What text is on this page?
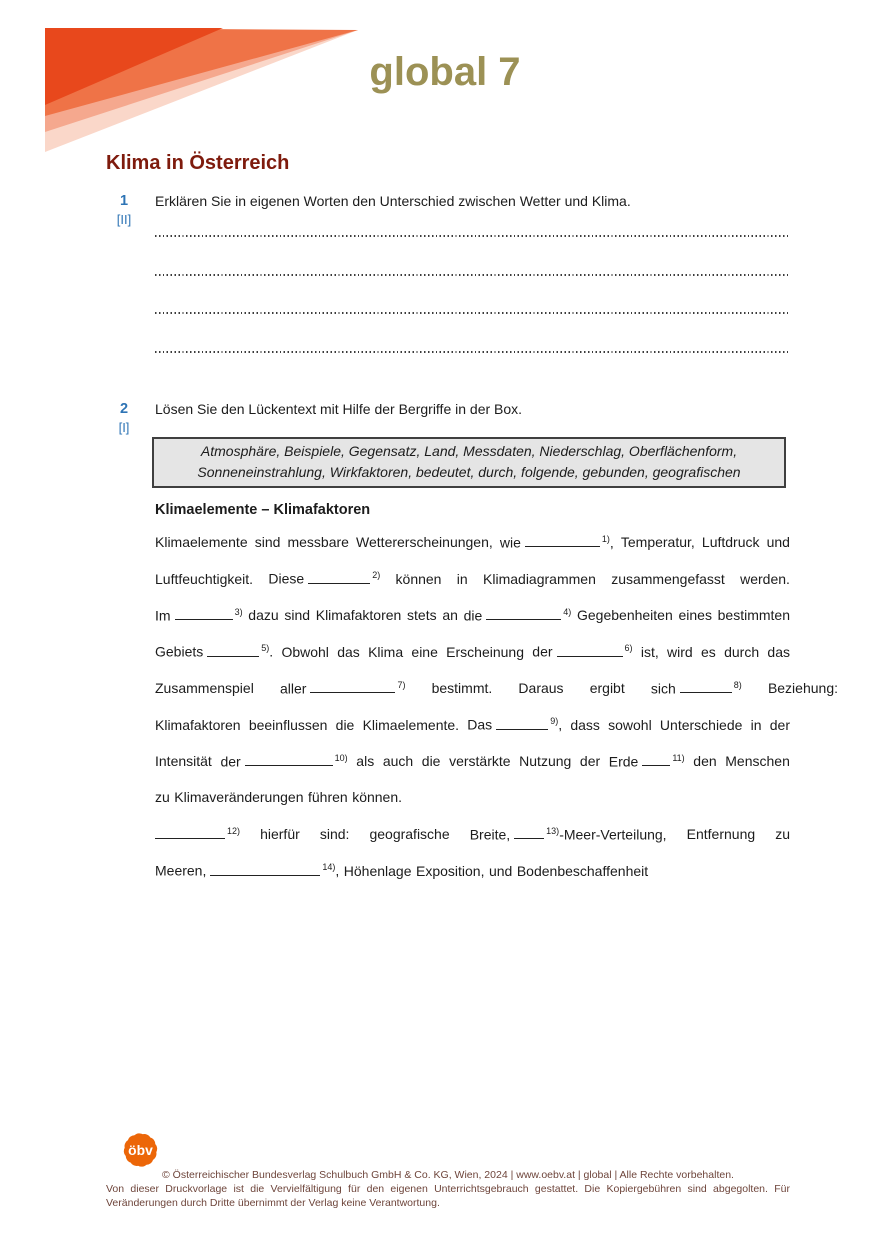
global 7
Klima in Österreich
1
[II]
Erklären Sie in eigenen Worten den Unterschied zwischen Wetter und Klima.
2
[I]
Lösen Sie den Lückentext mit Hilfe der Bergriffe in der Box.
Atmosphäre, Beispiele, Gegensatz, Land, Messdaten, Niederschlag, Oberflächenform,
Sonneneinstrahlung, Wirkfaktoren, bedeutet, durch, folgende, gebunden, geografischen
Klimaelemente – Klimafaktoren
Klimaelemente sind messbare Wettererscheinungen, wie	$^{1)}$, Temperatur, Luftdruck und
Luftfeuchtigkeit. Diese	$^{2)}$ können in Klimadiagrammen zusammengefasst werden.
Im	$^{3)}$ dazu sind Klimafaktoren stets an die	$^{4)}$ Gegebenheiten eines bestimmten
Gebiets	$^{5)}$. Obwohl das Klima eine Erscheinung der	$^{6)}$ ist, wird es durch das
Zusammenspiel aller	$^{7)}$ bestimmt. Daraus ergibt sich	$^{8)}$ Beziehung:
Klimafaktoren beeinflussen die Klimaelemente. Das	$^{9)}$, dass sowohl Unterschiede in der
Intensität der	$^{10)}$ als auch die verstärkte Nutzung der Erde	$^{11)}$ den Menschen
zu Klimaveränderungen führen können.
$^{12)}$ hierfür sind: geografische Breite,	$^{13)}$-Meer-Verteilung, Entfernung zu
Meeren,	$^{14)}$, Höhenlage Exposition, und Bodenbeschaffenheit
öbv
© Österreichischer Bundesverlag Schulbuch GmbH & Co. KG, Wien, 2024 | www.oebv.at | global | Alle Rechte vorbehalten.
Von dieser Druckvorlage ist die Vervielfältigung für den eigenen Unterrichtsgebrauch gestattet. Die Kopiergebühren sind abgegolten. Für Veränderungen durch Dritte übernimmt der Verlag keine Verantwortung.
